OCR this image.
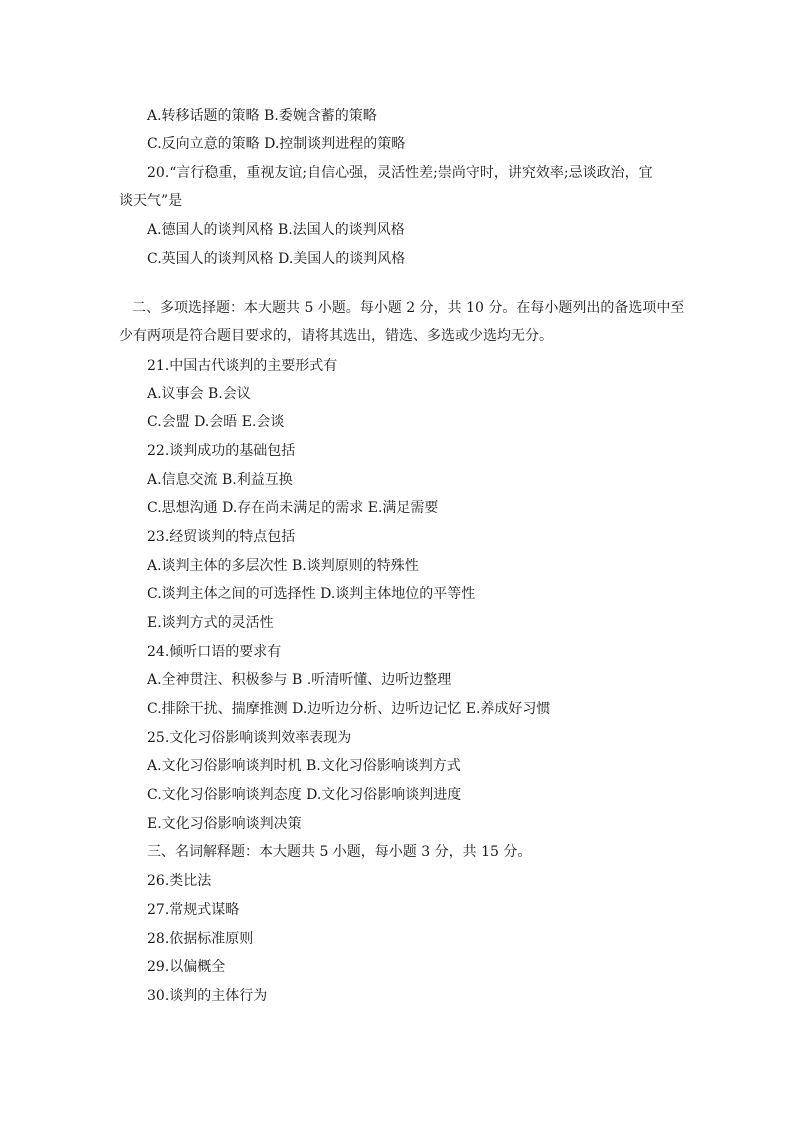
A.转移话题的策略 B.委婉含蓄的策略
C.反向立意的策略 D.控制谈判进程的策略
20.“言行稳重，重视友谊;自信心强，灵活性差;崇尚守时，讲究效率;忌谈政治，宜
谈天气”是
A.德国人的谈判风格 B.法国人的谈判风格
C.英国人的谈判风格 D.美国人的谈判风格
二、多项选择题：本大题共 5 小题。每小题 2 分，共 10 分。在每小题列出的备选项中至
少有两项是符合题目要求的，请将其选出，错选、多选或少选均无分。
21.中国古代谈判的主要形式有
A.议事会 B.会议
C.会盟 D.会晤 E.会谈
22.谈判成功的基础包括
A.信息交流 B.利益互换
C.思想沟通 D.存在尚未满足的需求 E.满足需要
23.经贸谈判的特点包括
A.谈判主体的多层次性 B.谈判原则的特殊性
C.谈判主体之间的可选择性 D.谈判主体地位的平等性
E.谈判方式的灵活性
24.倾听口语的要求有
A.全神贯注、积极参与 B .听清听懂、边听边整理
C.排除干扰、揣摩推测 D.边听边分析、边听边记忆 E.养成好习惯
25.文化习俗影响谈判效率表现为
A.文化习俗影响谈判时机 B.文化习俗影响谈判方式
C.文化习俗影响谈判态度 D.文化习俗影响谈判进度
E.文化习俗影响谈判决策
三、名词解释题：本大题共 5 小题，每小题 3 分，共 15 分。
26.类比法
27.常规式谋略
28.依据标准原则
29.以偏概全
30.谈判的主体行为
